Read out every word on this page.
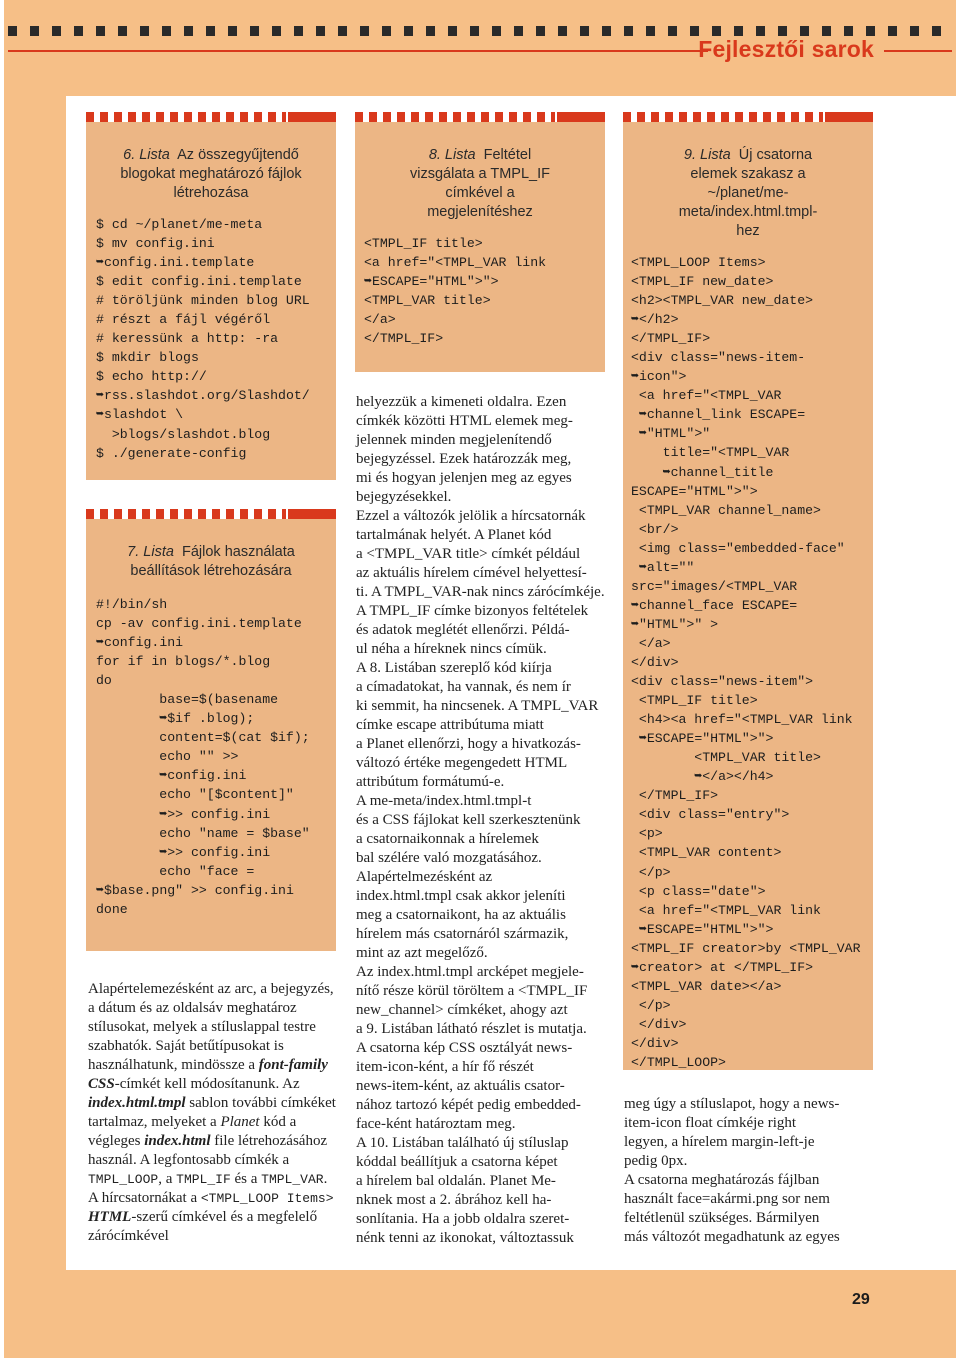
Fejlesztői sarok
6. Lista Az összegyűjtendő blogokat meghatározó fájlok létrehozása
$ cd ~/planet/me-meta
$ mv config.ini
➥config.ini.template
$ edit config.ini.template
# töröljünk minden blog URL
# részt a fájl végéről
# keressünk a http: -ra
$ mkdir blogs
$ echo http://
➥rss.slashdot.org/Slashdot/
➥slashdot \
>blogs/slashdot.blog
$ ./generate-config
7. Lista Fájlok használata beállítások létrehozására
#!/bin/sh
cp -av config.ini.template
➥config.ini
for if in blogs/*.blog
do
base=$(basename
➥$if .blog);
content=$(cat $if);
echo "" >>
➥config.ini
echo "[$content]"
➥>> config.ini
echo "name = $base"
➥>> config.ini
echo "face =
➥$base.png" >> config.ini
done

Alapértelemezésként az arc, a bejegyzés, a dátum és az oldalsáv meghatároz stílusokat, melyek a stíluslappal testre szabhatók. Saját betűtípusokat is használhatunk, mindössze a font-family CSS-címkét kell módosítanunk. Az index.html.tmpl sablon további címkéket tartalmaz, melyeket a Planet kód a végleges index.html file létrehozásához használ. A legfontosabb címkék a TMPL_LOOP, a TMPL_IF és a TMPL_VAR. A hírcsatornákat a <TMPL_LOOP Items> HTML-szerű címkével és a megfelelő zárócímkével

8. Lista Feltétel vizsgálata a TMPL_IF címkével a megjelenítéshez
<TMPL_IF title>
<a href="<TMPL_VAR link
➥ESCAPE="HTML">">
<TMPL_VAR title>
</a>
</TMPL_IF>
helyezzük a kimeneti oldalra. Ezen
címkék közötti HTML elemek meg-
jelennek minden megjelenítendő
bejegyzéssel. Ezek határozzák meg,
mi és hogyan jelenjen meg az egyes
bejegyzésekkel.
Ezzel a változók jelölik a hírcsatornák
tartalmának helyét. A Planet kód
a <TMPL_VAR title> címkét például
az aktuális hírelem címével helyettesí-
ti. A TMPL_VAR-nak nincs zárócímkéje.
A TMPL_IF címke bizonyos feltételek
és adatok meglétét ellenőrzi. Példá-
ul néha a híreknek nincs címük.
A 8. Listában szereplő kód kiírja
a címadatokat, ha vannak, és nem ír
ki semmit, ha nincsenek. A TMPL_VAR
címke escape attribútuma miatt
a Planet ellenőrzi, hogy a hivatkozás-
változó értéke megengedett HTML
attribútum formátumú-e.
A me-meta/index.html.tmpl-t
és a CSS fájlokat kell szerkesztenünk
a csatornaikonnak a hírelemek
bal szélére való mozgatásához.
Alapértelmezésként az
index.html.tmpl csak akkor jeleníti
meg a csatornaikont, ha az aktuális
hírelem más csatornáról származik,
mint az azt megelőző.
Az index.html.tmpl arcképet megjele-
nítő része körül töröltem a <TMPL_IF
new_channel> címkéket, ahogy azt
a 9. Listában látható részlet is mutatja.
A csatorna kép CSS osztályát news-
item-icon-ként, a hír fő részét
news-item-ként, az aktuális csator-
nához tartozó képét pedig embedded-
face-ként határoztam meg.
A 10. Listában található új stíluslap
kóddal beállítjuk a csatorna képet
a hírelem bal oldalán. Planet Me-
nknek most a 2. ábrához kell ha-
sonlítania. Ha a jobb oldalra szeret-
nénk tenni az ikonokat, változtassuk
9. Lista Új csatorna elemek szakasz a ~/planet/me-meta/index.html.tmpl-hez
<TMPL_LOOP Items>
<TMPL_IF new_date>
<h2><TMPL_VAR new_date>
➥</h2>
</TMPL_IF>
<div class="news-item-
➥icon">
<a href="<TMPL_VAR
➥channel_link ESCAPE=
➥"HTML">"
title="<TMPL_VAR
➥channel_title
ESCAPE="HTML">">
<TMPL_VAR channel_name>
<br/>
<img class="embedded-face"
➥alt=""
src="images/<TMPL_VAR
➥channel_face ESCAPE=
➥"HTML">" >
</a>
</div>
<div class="news-item">
<TMPL_IF title>
<h4><a href="<TMPL_VAR link
➥ESCAPE="HTML">">
<TMPL_VAR title>
➥</a></h4>
</TMPL_IF>
<div class="entry">
<p>
<TMPL_VAR content>
</p>
<p class="date">
<a href="<TMPL_VAR link
➥ESCAPE="HTML">">
<TMPL_IF creator>by <TMPL_VAR
➥creator> at </TMPL_IF>
<TMPL_VAR date></a>
</p>
</div>
</div>
</TMPL_LOOP>
meg úgy a stíluslapot, hogy a news-
item-icon float címkéje right
legyen, a hírelem margin-left-je
pedig 0px.
A csatorna meghatározás fájlban
használt face=akármi.png sor nem
feltétlenül szükséges. Bármilyen
más változót megadhatunk az egyes
29
